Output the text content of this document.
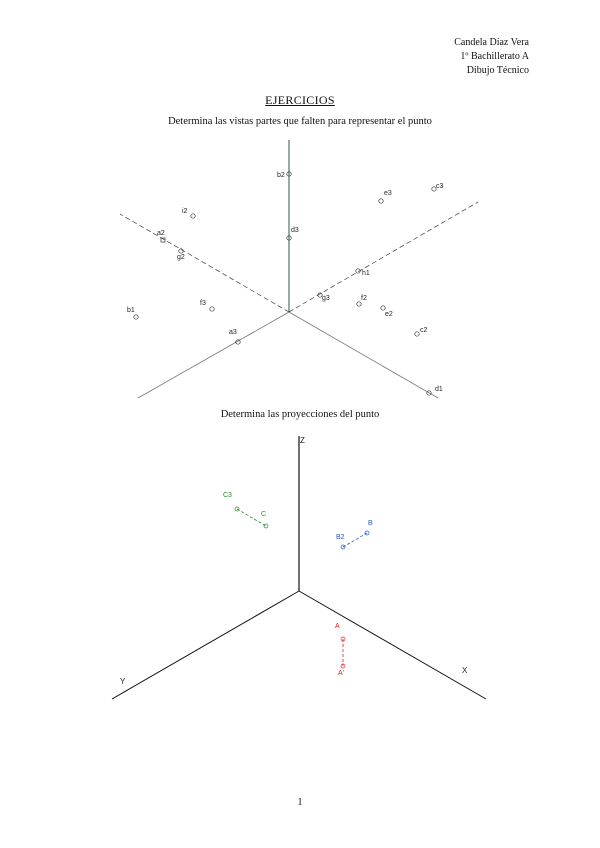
Candela Díaz Vera
1º Bachillerato A
Dibujo Técnico
EJERCICIOS
Determina las vistas partes que falten para representar el punto
b2
i2
d3
e3
c3
a2
g2
b1
f3
a3
g3
h1
f2
e2
c2
d1
Determina las proyecciones del punto
Z
Y
X
C3
C
B2
B
A
A'
1
